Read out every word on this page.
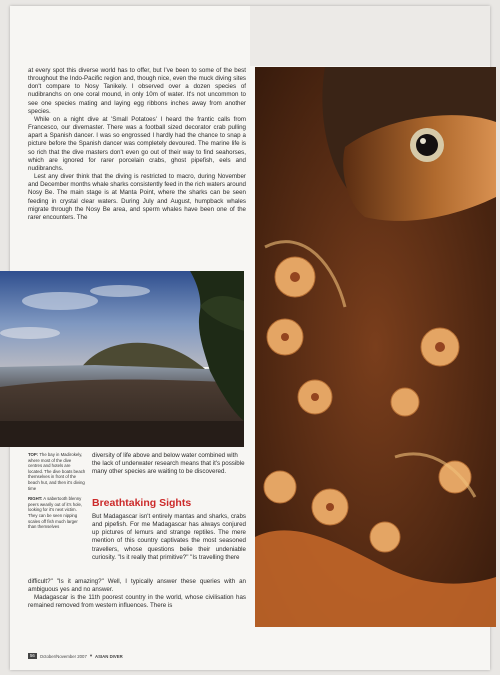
at every spot this diverse world has to offer, but I've been to some of the best throughout the Indo-Pacific region and, though nice, even the muck diving sites don't compare to Nosy Tanikely. I observed over a dozen species of nudibranchs on one coral mound, in only 10m of water. It's not uncommon to see one species mating and laying egg ribbons inches away from another species.

While on a night dive at 'Small Potatoes' I heard the frantic calls from Francesco, our divemaster. There was a football sized decorator crab pulling apart a Spanish dancer. I was so engrossed I hardly had the chance to snap a picture before the Spanish dancer was completely devoured. The marine life is so rich that the dive masters don't even go out of their way to find seahorses, which are ignored for rarer porcelain crabs, ghost pipefish, eels and nudibranchs.

Lest any diver think that the diving is restricted to macro, during November and December months whale sharks consistently feed in the rich waters around Nosy Be. The main stage is at Manta Point, where the sharks can be seen feeding in crystal clear waters. During July and August, humpback whales migrate through the Nosy Be area, and sperm whales have been one of the rarer encounters. The

TOP: The bay in Madirokely, where most of the dive centres and hotels are located. The dive boats beach themselves in front of the beach hut, and then it's diving time

RIGHT: A sabertooth blenny peers wearily out of it's hole, looking for it's next victim. They can be seen nipping scales off fish much larger than themselves

diversity of life above and below water combined with the lack of underwater research means that it's possible many other species are waiting to be discovered.
Breathtaking Sights

But Madagascar isn't entirely mantas and sharks, crabs and pipefish. For me Madagascar has always conjured up pictures of lemurs and strange reptiles. The mere mention of this country captivates the most seasoned travellers, whose questions belie their undeniable curiosity. "Is it really that primitive?" "Is travelling there

difficult?" "Is it amazing?" Well, I typically answer these queries with an ambiguous yes and no answer.

Madagascar is the 11th poorest country in the world, whose civilisation has remained removed from western influences. There is

56	October/November 2007 ▾ ASIAN DIVER
